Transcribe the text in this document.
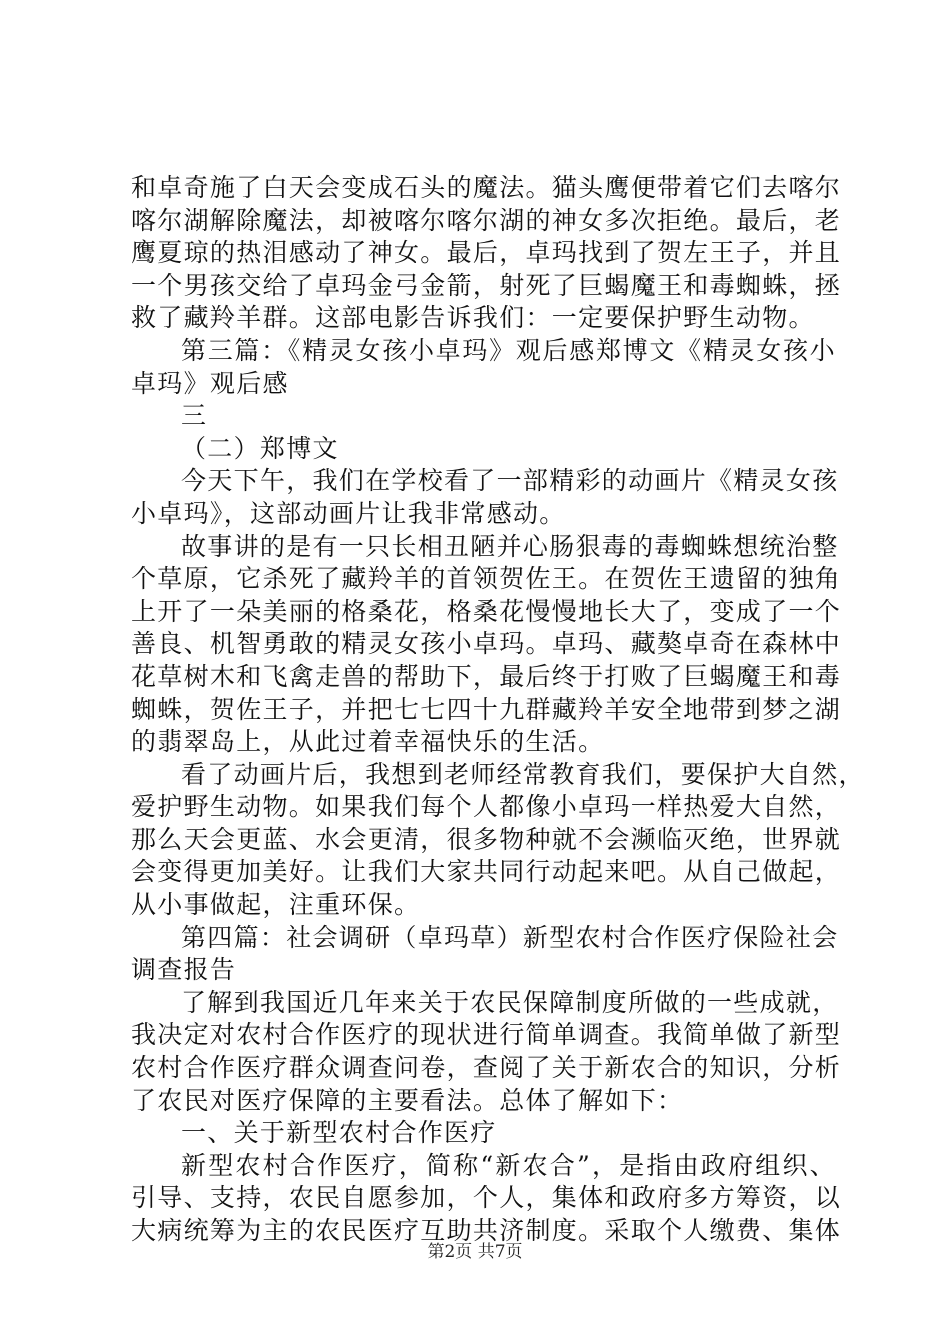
和卓奇施了白天会变成石头的魔法。猫头鹰便带着它们去喀尔
喀尔湖解除魔法，却被喀尔喀尔湖的神女多次拒绝。最后，老
鹰夏琼的热泪感动了神女。最后，卓玛找到了贺左王子，并且
一个男孩交给了卓玛金弓金箭，射死了巨蝎魔王和毒蜘蛛，拯
救了藏羚羊群。这部电影告诉我们：一定要保护野生动物。
第三篇：《精灵女孩小卓玛》观后感郑博文《精灵女孩小
卓玛》观后感
三
（二）郑博文
今天下午，我们在学校看了一部精彩的动画片《精灵女孩
小卓玛》，这部动画片让我非常感动。
故事讲的是有一只长相丑陋并心肠狠毒的毒蜘蛛想统治整
个草原，它杀死了藏羚羊的首领贺佐王。在贺佐王遗留的独角
上开了一朵美丽的格桑花，格桑花慢慢地长大了，变成了一个
善良、机智勇敢的精灵女孩小卓玛。卓玛、藏獒卓奇在森林中
花草树木和飞禽走兽的帮助下，最后终于打败了巨蝎魔王和毒
蜘蛛，贺佐王子，并把七七四十九群藏羚羊安全地带到梦之湖
的翡翠岛上，从此过着幸福快乐的生活。
看了动画片后，我想到老师经常教育我们，要保护大自然，
爱护野生动物。如果我们每个人都像小卓玛一样热爱大自然，
那么天会更蓝、水会更清，很多物种就不会濒临灭绝，世界就
会变得更加美好。让我们大家共同行动起来吧。从自己做起，
从小事做起，注重环保。
第四篇：社会调研（卓玛草）新型农村合作医疗保险社会
调查报告
了解到我国近几年来关于农民保障制度所做的一些成就，
我决定对农村合作医疗的现状进行简单调查。我简单做了新型
农村合作医疗群众调查问卷，查阅了关于新农合的知识，分析
了农民对医疗保障的主要看法。总体了解如下：
一、关于新型农村合作医疗
新型农村合作医疗，简称“新农合”，是指由政府组织、
引导、支持，农民自愿参加，个人，集体和政府多方筹资，以
大病统筹为主的农民医疗互助共济制度。采取个人缴费、集体
第2页 共7页
